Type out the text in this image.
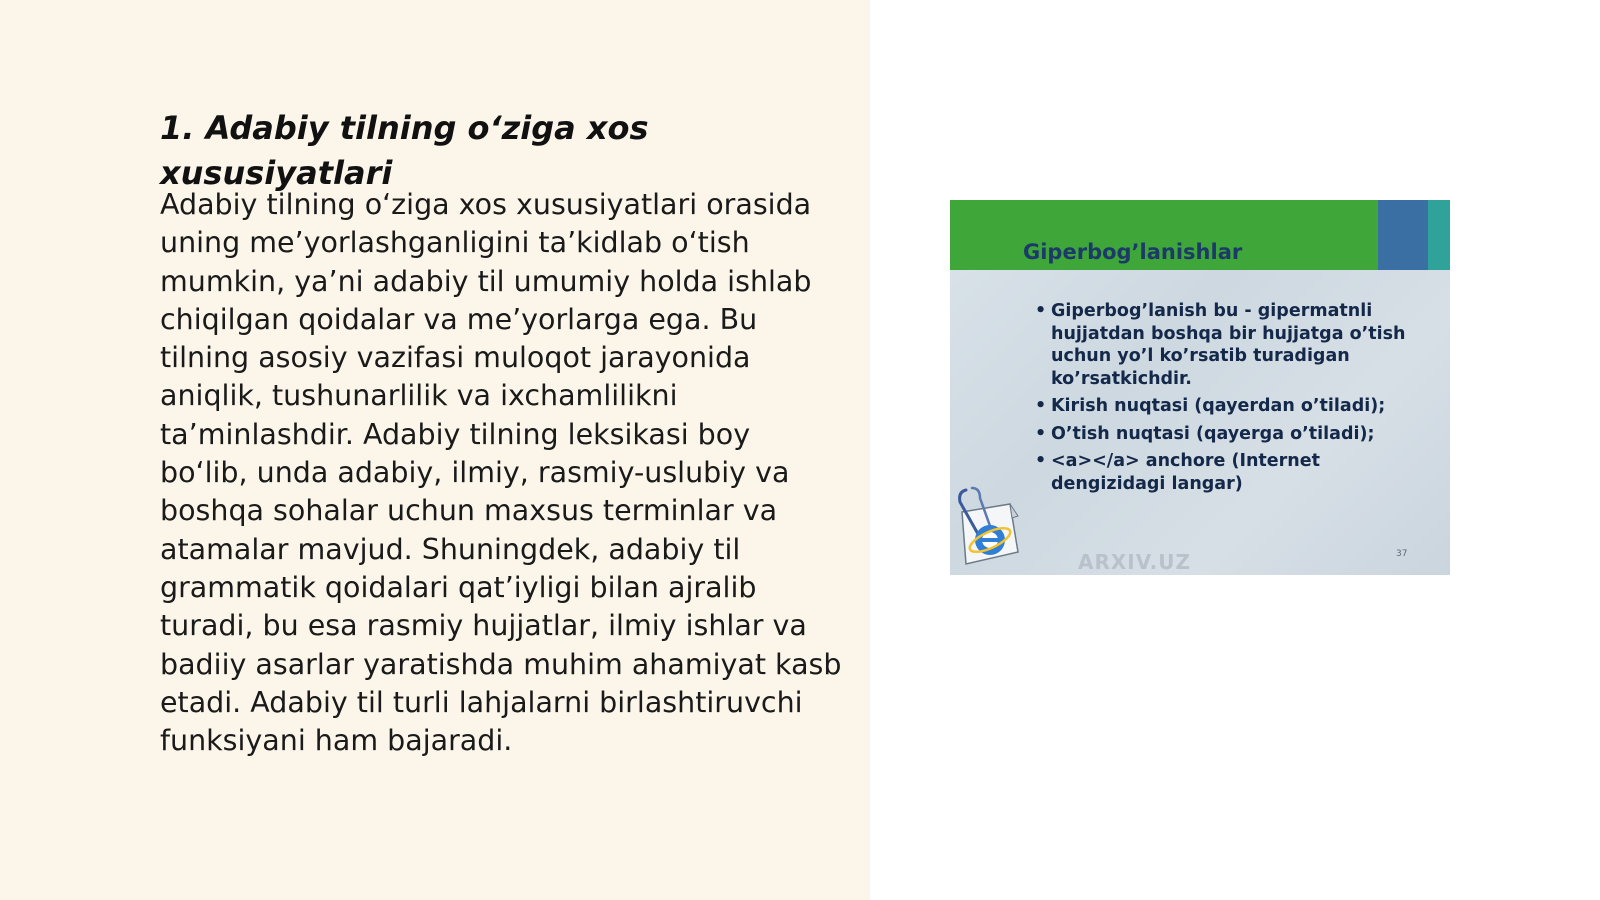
1. Adabiy tilning o‘ziga xos xususiyatlari

Adabiy tilning o‘ziga xos xususiyatlari orasida uning me’yorlashganligini ta’kidlab o‘tish mumkin, ya’ni adabiy til umumiy holda ishlab chiqilgan qoidalar va me’yorlarga ega. Bu tilning asosiy vazifasi muloqot jarayonida aniqlik, tushunarlilik va ixchamlilikni ta’minlashdir. Adabiy tilning leksikasi boy bo‘lib, unda adabiy, ilmiy, rasmiy-uslubiy va boshqa sohalar uchun maxsus terminlar va atamalar mavjud. Shuningdek, adabiy til grammatik qoidalari qat’iyligi bilan ajralib turadi, bu esa rasmiy hujjatlar, ilmiy ishlar va badiiy asarlar yaratishda muhim ahamiyat kasb etadi. Adabiy til turli lahjalarni birlashtiruvchi funksiyani ham bajaradi.

Giperbog’lanishlar
• Giperbog’lanish bu - gipermatnli hujjatdan boshqa bir hujjatga o’tish uchun yo’l ko’rsatib turadigan ko’rsatkichdir.
• Kirish nuqtasi (qayerdan o’tiladi);
• O’tish nuqtasi (qayerga o’tiladi);
• <a></a> anchore (Internet dengizidagi langar)
ARXIV.UZ	37
